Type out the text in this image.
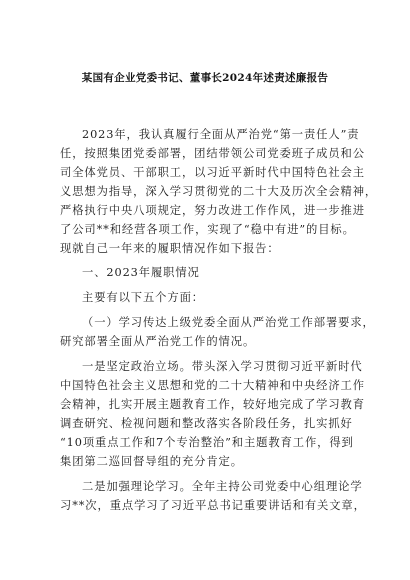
某国有企业党委书记、董事长2024年述责述廉报告
2023年，我认真履行全面从严治党“第一责任人”责
任，按照集团党委部署，团结带领公司党委班子成员和公
司全体党员、干部职工，以习近平新时代中国特色社会主
义思想为指导，深入学习贯彻党的二十大及历次全会精神，
严格执行中央八项规定，努力改进工作作风，进一步推进
了公司**和经营各项工作，实现了“稳中有进”的目标。
现就自己一年来的履职情况作如下报告：
一、2023年履职情况
主要有以下五个方面：
（一）学习传达上级党委全面从严治党工作部署要求，
研究部署全面从严治党工作的情况。
一是坚定政治立场。带头深入学习贯彻习近平新时代
中国特色社会主义思想和党的二十大精神和中央经济工作
会精神，扎实开展主题教育工作，较好地完成了学习教育
调查研究、检视问题和整改落实各阶段任务，扎实抓好
“10项重点工作和7个专治整治”和主题教育工作，得到
集团第二巡回督导组的充分肯定。
二是加强理论学习。全年主持公司党委中心组理论学
习**次，重点学习了习近平总书记重要讲话和有关文章，
